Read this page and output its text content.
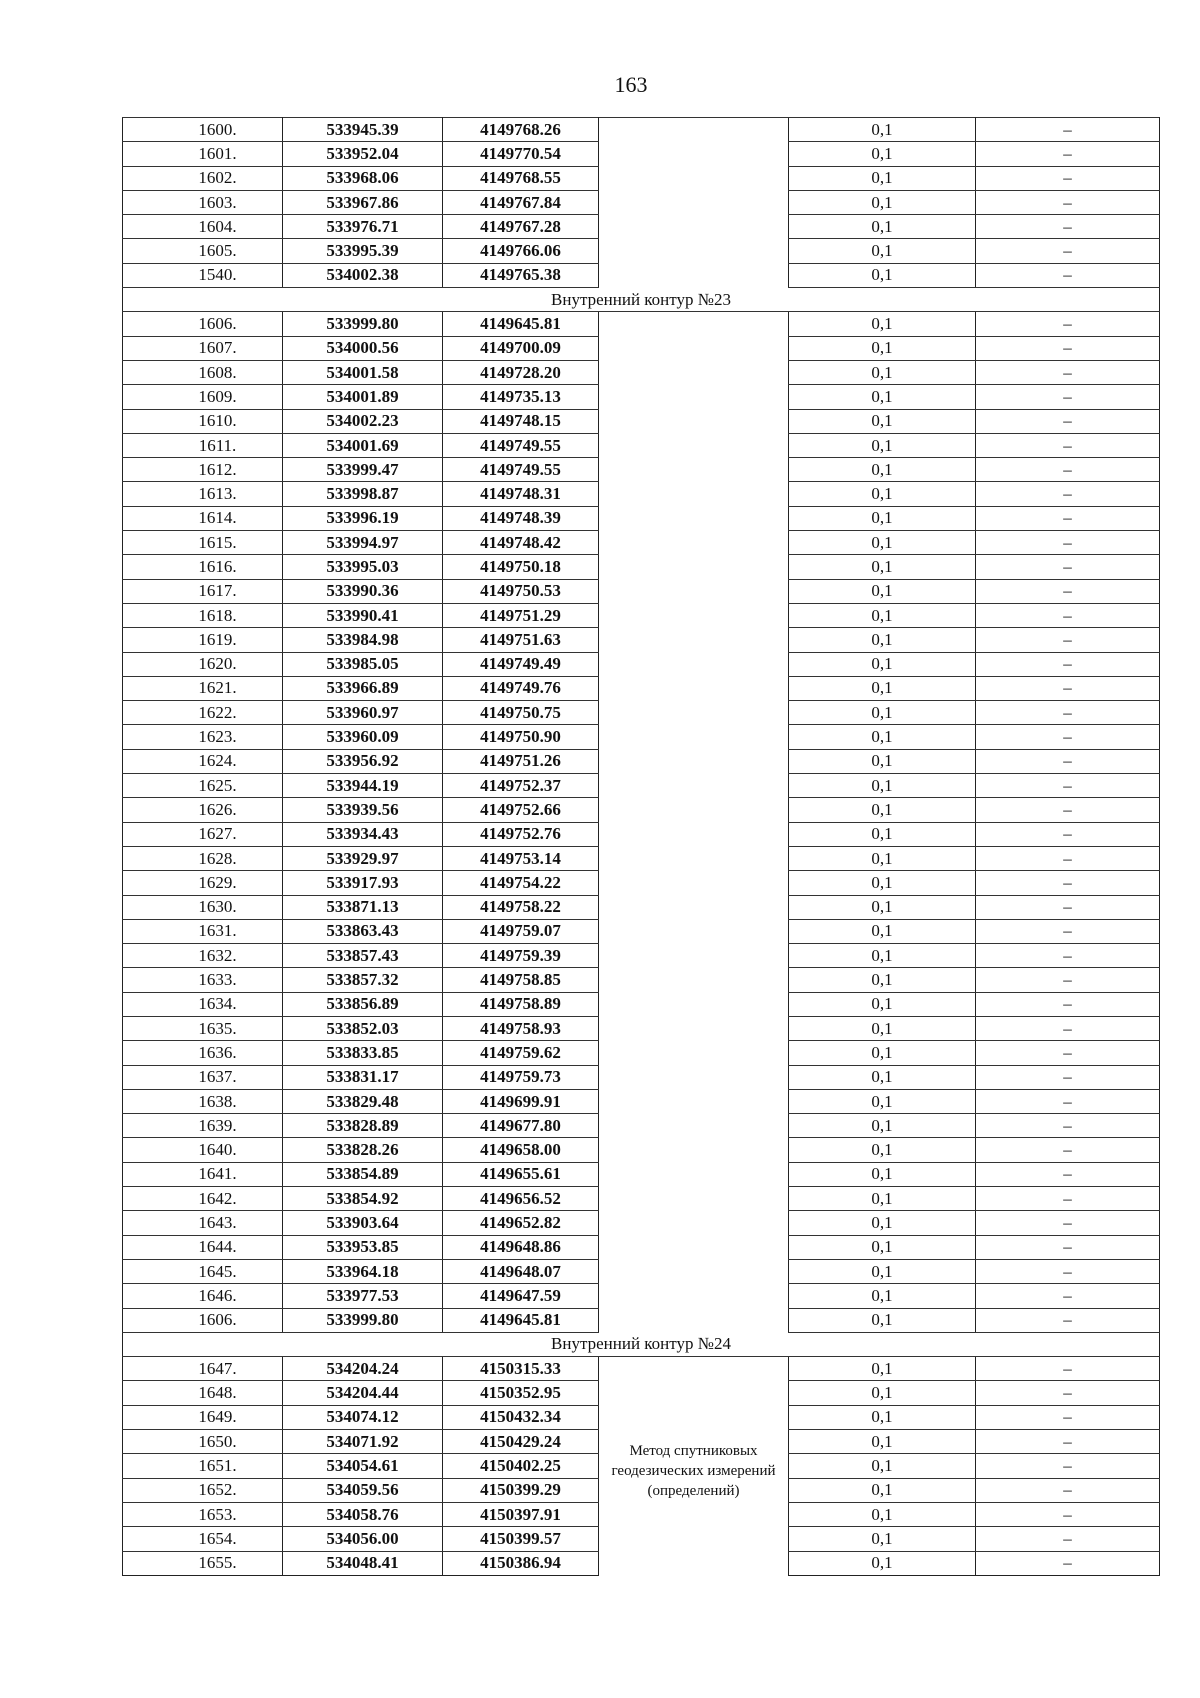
163
1600.	533945.39	4149768.26		0,1	–
1601.	533952.04	4149770.54		0,1	–
1602.	533968.06	4149768.55		0,1	–
1603.	533967.86	4149767.84		0,1	–
1604.	533976.71	4149767.28		0,1	–
1605.	533995.39	4149766.06		0,1	–
1540.	534002.38	4149765.38		0,1	–
Внутренний контур №23					
1606.	533999.80	4149645.81		0,1	–
1607.	534000.56	4149700.09		0,1	–
1608.	534001.58	4149728.20		0,1	–
1609.	534001.89	4149735.13		0,1	–
1610.	534002.23	4149748.15		0,1	–
1611.	534001.69	4149749.55		0,1	–
1612.	533999.47	4149749.55		0,1	–
1613.	533998.87	4149748.31		0,1	–
1614.	533996.19	4149748.39		0,1	–
1615.	533994.97	4149748.42		0,1	–
1616.	533995.03	4149750.18		0,1	–
1617.	533990.36	4149750.53		0,1	–
1618.	533990.41	4149751.29		0,1	–
1619.	533984.98	4149751.63		0,1	–
1620.	533985.05	4149749.49		0,1	–
1621.	533966.89	4149749.76		0,1	–
1622.	533960.97	4149750.75		0,1	–
1623.	533960.09	4149750.90		0,1	–
1624.	533956.92	4149751.26		0,1	–
1625.	533944.19	4149752.37		0,1	–
1626.	533939.56	4149752.66		0,1	–
1627.	533934.43	4149752.76		0,1	–
1628.	533929.97	4149753.14		0,1	–
1629.	533917.93	4149754.22		0,1	–
1630.	533871.13	4149758.22		0,1	–
1631.	533863.43	4149759.07		0,1	–
1632.	533857.43	4149759.39		0,1	–
1633.	533857.32	4149758.85		0,1	–
1634.	533856.89	4149758.89		0,1	–
1635.	533852.03	4149758.93		0,1	–
1636.	533833.85	4149759.62		0,1	–
1637.	533831.17	4149759.73		0,1	–
1638.	533829.48	4149699.91		0,1	–
1639.	533828.89	4149677.80		0,1	–
1640.	533828.26	4149658.00		0,1	–
1641.	533854.89	4149655.61		0,1	–
1642.	533854.92	4149656.52		0,1	–
1643.	533903.64	4149652.82		0,1	–
1644.	533953.85	4149648.86		0,1	–
1645.	533964.18	4149648.07		0,1	–
1646.	533977.53	4149647.59		0,1	–
1606.	533999.80	4149645.81		0,1	–
Внутренний контур №24					
1647.	534204.24	4150315.33	Метод спутниковых геодезических измерений (определений)	0,1	–
1648.	534204.44	4150352.95		0,1	–
1649.	534074.12	4150432.34		0,1	–
1650.	534071.92	4150429.24		0,1	–
1651.	534054.61	4150402.25		0,1	–
1652.	534059.56	4150399.29		0,1	–
1653.	534058.76	4150397.91		0,1	–
1654.	534056.00	4150399.57		0,1	–
1655.	534048.41	4150386.94		0,1	–
